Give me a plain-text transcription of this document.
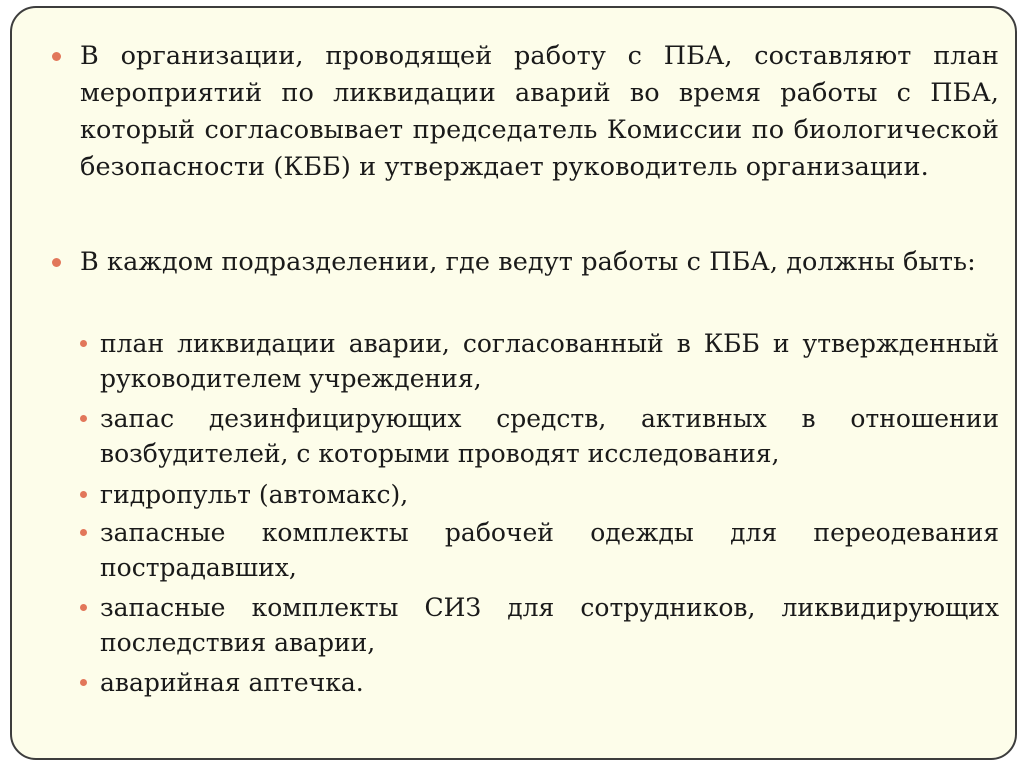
В организации, проводящей работу с ПБА, составляют план мероприятий по ликвидации аварий во время работы с ПБА, который согласовывает председатель Комиссии по биологической безопасности (КББ) и утверждает руководитель организации.
В каждом подразделении, где ведут работы с ПБА, должны быть:
план ликвидации аварии, согласованный в КББ и утвержденный руководителем учреждения,
запас дезинфицирующих средств, активных в отношении возбудителей, с которыми проводят исследования,
гидропульт (автомакс),
запасные комплекты рабочей одежды для переодевания пострадавших,
запасные комплекты СИЗ для сотрудников, ликвидирующих последствия аварии,
аварийная аптечка.
